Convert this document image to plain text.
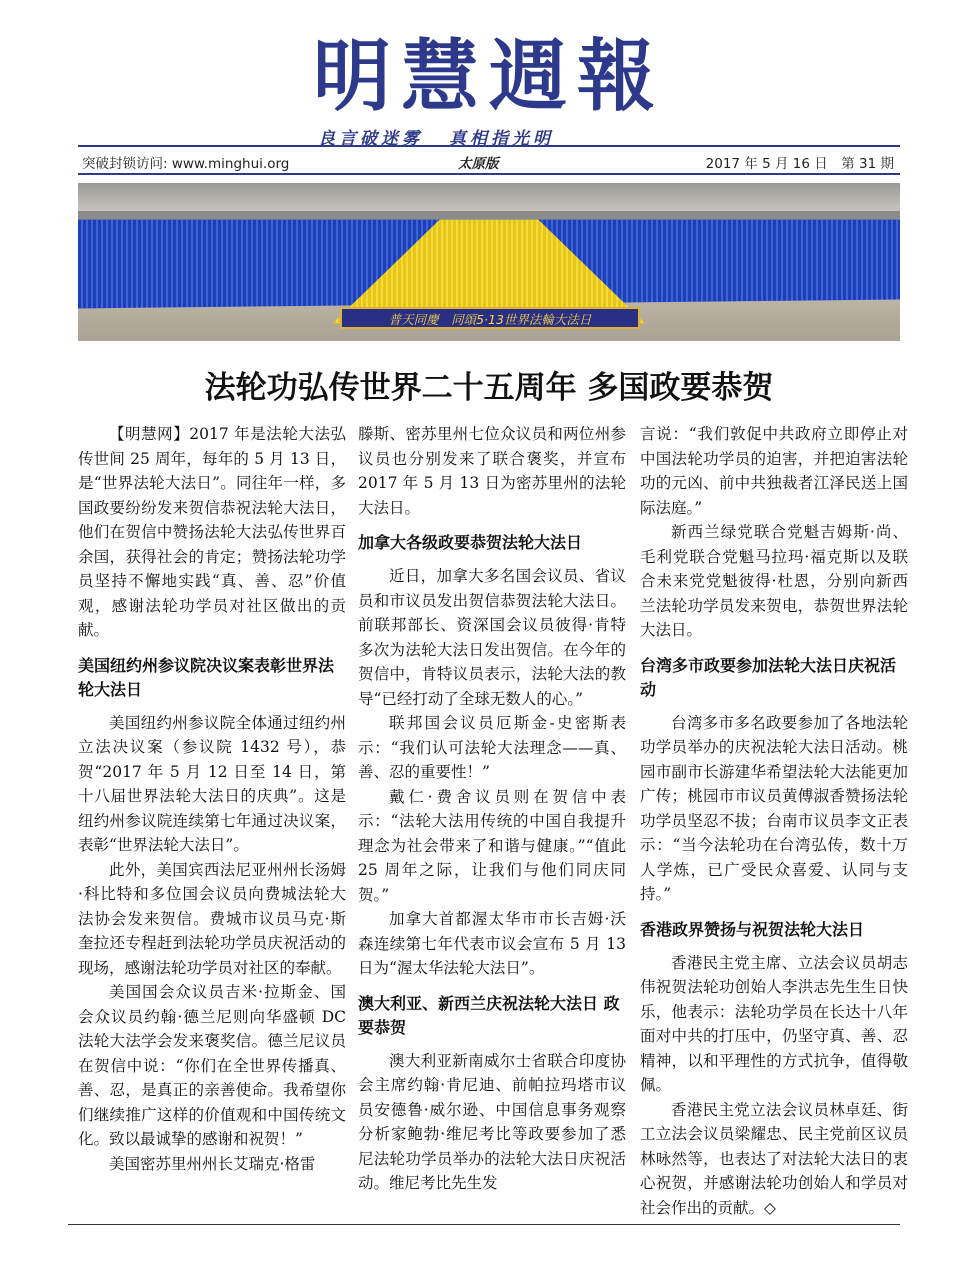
明慧週報
良言破迷雾 真相指光明
突破封锁访问: www.minghui.org	太原版	2017 年 5 月 16 日　第 31 期
普天同慶　同頌5·13世界法輪大法日
法轮功弘传世界二十五周年 多国政要恭贺

【明慧网】2017 年是法轮大法弘传世间 25 周年，每年的 5 月 13 日，是“世界法轮大法日”。同往年一样，多国政要纷纷发来贺信恭祝法轮大法日，他们在贺信中赞扬法轮大法弘传世界百余国，获得社会的肯定；赞扬法轮功学员坚持不懈地实践“真、善、忍”价值观，感谢法轮功学员对社区做出的贡献。

美国纽约州参议院决议案表彰世界法轮大法日

美国纽约州参议院全体通过纽约州立法决议案（参议院 1432 号），恭贺“2017 年 5 月 12 日至 14 日，第十八届世界法轮大法日的庆典”。这是纽约州参议院连续第七年通过决议案，表彰“世界法轮大法日”。

此外，美国宾西法尼亚州州长汤姆·科比特和多位国会议员向费城法轮大法协会发来贺信。费城市议员马克·斯奎拉还专程赶到法轮功学员庆祝活动的现场，感谢法轮功学员对社区的奉献。

美国国会众议员吉米·拉斯金、国会众议员约翰·德兰尼则向华盛顿 DC 法轮大法学会发来褒奖信。德兰尼议员在贺信中说：“你们在全世界传播真、善、忍，是真正的亲善使命。我希望你们继续推广这样的价值观和中国传统文化。致以最诚挚的感谢和祝贺！”

美国密苏里州州长艾瑞克·格雷

滕斯、密苏里州七位众议员和两位州参议员也分别发来了联合褒奖，并宣布 2017 年 5 月 13 日为密苏里州的法轮大法日。

加拿大各级政要恭贺法轮大法日

近日，加拿大多名国会议员、省议员和市议员发出贺信恭贺法轮大法日。前联邦部长、资深国会议员彼得·肯特多次为法轮大法日发出贺信。在今年的贺信中，肯特议员表示，法轮大法的教导“已经打动了全球无数人的心。”

联邦国会议员厄斯金-史密斯表示：“我们认可法轮大法理念——真、善、忍的重要性！”

戴仁·费舍议员则在贺信中表示：“法轮大法用传统的中国自我提升理念为社会带来了和谐与健康。”“值此 25 周年之际，让我们与他们同庆同贺。”

加拿大首都渥太华市市长吉姆·沃森连续第七年代表市议会宣布 5 月 13 日为“渥太华法轮大法日”。

澳大利亚、新西兰庆祝法轮大法日 政要恭贺

澳大利亚新南威尔士省联合印度协会主席约翰·肯尼迪、前帕拉玛塔市议员安德鲁·威尔逊、中国信息事务观察分析家鲍勃·维尼考比等政要参加了悉尼法轮功学员举办的法轮大法日庆祝活动。维尼考比先生发

言说：“我们敦促中共政府立即停止对中国法轮功学员的迫害，并把迫害法轮功的元凶、前中共独裁者江泽民送上国际法庭。”

新西兰绿党联合党魁吉姆斯·尚、毛利党联合党魁马拉玛·福克斯以及联合未来党党魁彼得·杜恩，分别向新西兰法轮功学员发来贺电，恭贺世界法轮大法日。

台湾多市政要参加法轮大法日庆祝活动

台湾多市多名政要参加了各地法轮功学员举办的庆祝法轮大法日活动。桃园市副市长游建华希望法轮大法能更加广传；桃园市市议员黄傅淑香赞扬法轮功学员坚忍不拔；台南市议员李文正表示：“当今法轮功在台湾弘传，数十万人学炼，已广受民众喜爱、认同与支持。”

香港政界赞扬与祝贺法轮大法日

香港民主党主席、立法会议员胡志伟祝贺法轮功创始人李洪志先生生日快乐，他表示：法轮功学员在长达十八年面对中共的打压中，仍坚守真、善、忍精神，以和平理性的方式抗争，值得敬佩。

香港民主党立法会议员林卓廷、街工立法会议员梁耀忠、民主党前区议员林咏然等，也表达了对法轮大法日的衷心祝贺，并感谢法轮功创始人和学员对社会作出的贡献。◇
